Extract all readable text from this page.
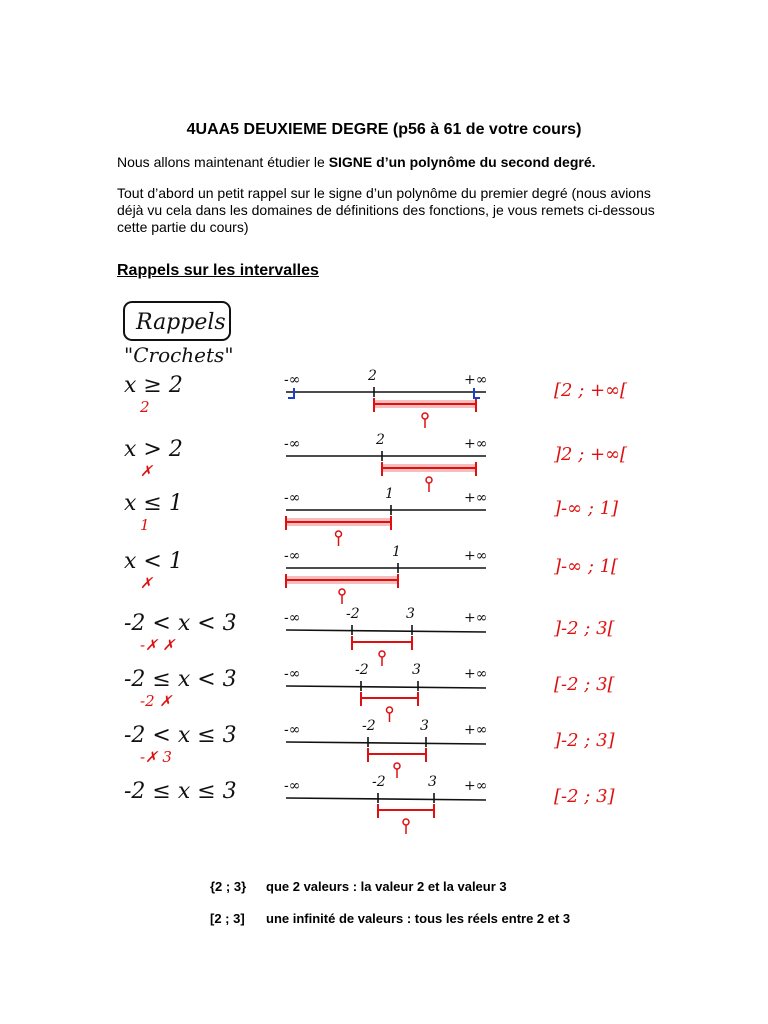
4UAA5 DEUXIEME DEGRE (p56 à 61 de votre cours)
Nous allons maintenant étudier le SIGNE d’un polynôme du second degré.
Tout d’abord un petit rappel sur le signe d’un polynôme du premier degré (nous avions déjà vu cela dans les domaines de définitions des fonctions, je vous remets ci-dessous cette partie du cours)
Rappels sur les intervalles
Rappels
"Crochets"
x ≥ 2
2
-∞	+∞
2
[2 ; +∞[
x > 2
✗
-∞	+∞
2
]2 ; +∞[
x ≤ 1
1
-∞	+∞
1
]-∞ ; 1]
x < 1
✗
-∞	+∞
1
]-∞ ; 1[
-2 < x < 3
-✗ ✗
-∞	+∞
-2	3
]-2 ; 3[
-2 ≤ x < 3
-2 ✗
-∞	+∞
-2	3
[-2 ; 3[
-2 < x ≤ 3
-✗ 3
-∞	+∞
-2	3
]-2 ; 3]
-2 ≤ x ≤ 3	-∞	+∞
-2	3
[-2 ; 3]
{2 ; 3} que 2 valeurs : la valeur 2 et la valeur 3
[2 ; 3] une infinité de valeurs : tous les réels entre 2 et 3
